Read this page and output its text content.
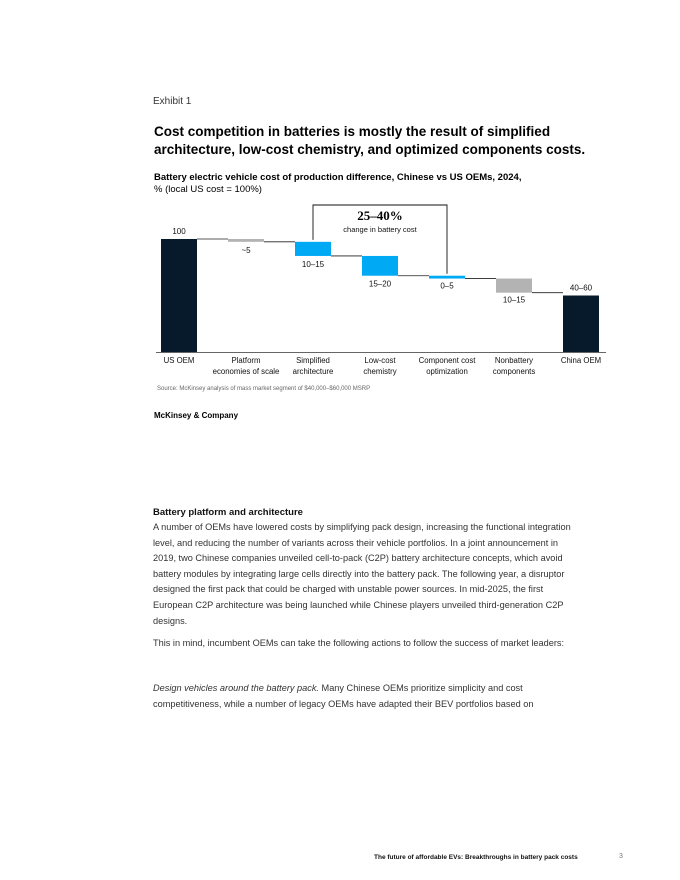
Exhibit 1
Cost competition in batteries is mostly the result of simplified architecture, low-cost chemistry, and optimized components costs.
Battery electric vehicle cost of production difference, Chinese vs US OEMs, 2024,
% (local US cost = 100%)
100
US OEM
~5
Platform
economies of scale
10–15
Simplified
architecture
15–20
Low-cost
chemistry
0–5
Component cost
optimization
10–15
Nonbattery
components
40–60
China OEM
25–40%
change in battery cost
Source: McKinsey analysis of mass market segment of $40,000–$60,000 MSRP
McKinsey & Company
Battery platform and architecture
A number of OEMs have lowered costs by simplifying pack design, increasing the functional integration level, and reducing the number of variants across their vehicle portfolios. In a joint announcement in 2019, two Chinese companies unveiled cell-to-pack (C2P) battery architecture concepts, which avoid battery modules by integrating large cells directly into the battery pack. The following year, a disruptor designed the first pack that could be charged with unstable power sources. In mid-2025, the first European C2P architecture was being launched while Chinese players unveiled third-generation C2P designs.
This in mind, incumbent OEMs can take the following actions to follow the success of market leaders:
Design vehicles around the battery pack. Many Chinese OEMs prioritize simplicity and cost competitiveness, while a number of legacy OEMs have adapted their BEV portfolios based on
The future of affordable EVs: Breakthroughs in battery pack costs	3
